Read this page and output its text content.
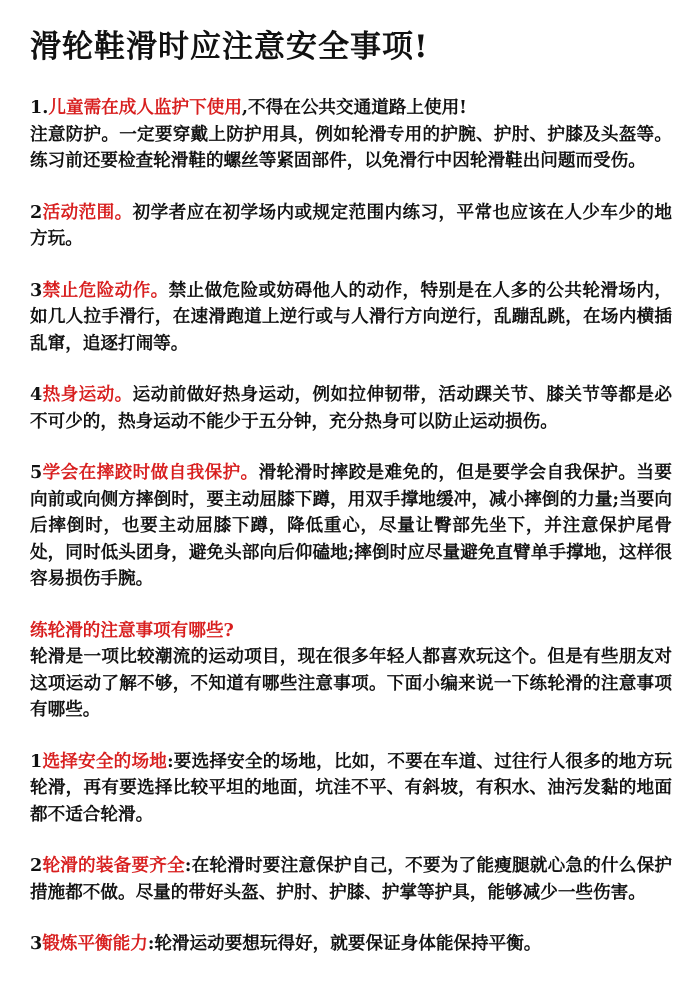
滑轮鞋滑时应注意安全事项!
1.儿童需在成人监护下使用,不得在公共交通道路上使用!
注意防护。一定要穿戴上防护用具，例如轮滑专用的护腕、护肘、护膝及头盔等。练习前还要检查轮滑鞋的螺丝等紧固部件，以免滑行中因轮滑鞋出问题而受伤。
2活动范围。初学者应在初学场内或规定范围内练习，平常也应该在人少车少的地方玩。
3禁止危险动作。禁止做危险或妨碍他人的动作，特别是在人多的公共轮滑场内，如几人拉手滑行，在速滑跑道上逆行或与人滑行方向逆行，乱蹦乱跳，在场内横插乱窜，追逐打闹等。
4热身运动。运动前做好热身运动，例如拉伸韧带，活动踝关节、膝关节等都是必不可少的，热身运动不能少于五分钟，充分热身可以防止运动损伤。
5学会在摔跤时做自我保护。滑轮滑时摔跤是难免的，但是要学会自我保护。当要向前或向侧方摔倒时，要主动屈膝下蹲，用双手撑地缓冲，减小摔倒的力量;当要向后摔倒时，也要主动屈膝下蹲，降低重心，尽量让臀部先坐下，并注意保护尾骨处，同时低头团身，避免头部向后仰磕地;摔倒时应尽量避免直臂单手撑地，这样很容易损伤手腕。
练轮滑的注意事项有哪些?
轮滑是一项比较潮流的运动项目，现在很多年轻人都喜欢玩这个。但是有些朋友对这项运动了解不够，不知道有哪些注意事项。下面小编来说一下练轮滑的注意事项有哪些。
1选择安全的场地:要选择安全的场地，比如，不要在车道、过往行人很多的地方玩轮滑，再有要选择比较平坦的地面，坑洼不平、有斜坡，有积水、油污发黏的地面都不适合轮滑。
2轮滑的装备要齐全:在轮滑时要注意保护自己，不要为了能瘦腿就心急的什么保护措施都不做。尽量的带好头盔、护肘、护膝、护掌等护具，能够减少一些伤害。
3锻炼平衡能力:轮滑运动要想玩得好，就要保证身体能保持平衡。
